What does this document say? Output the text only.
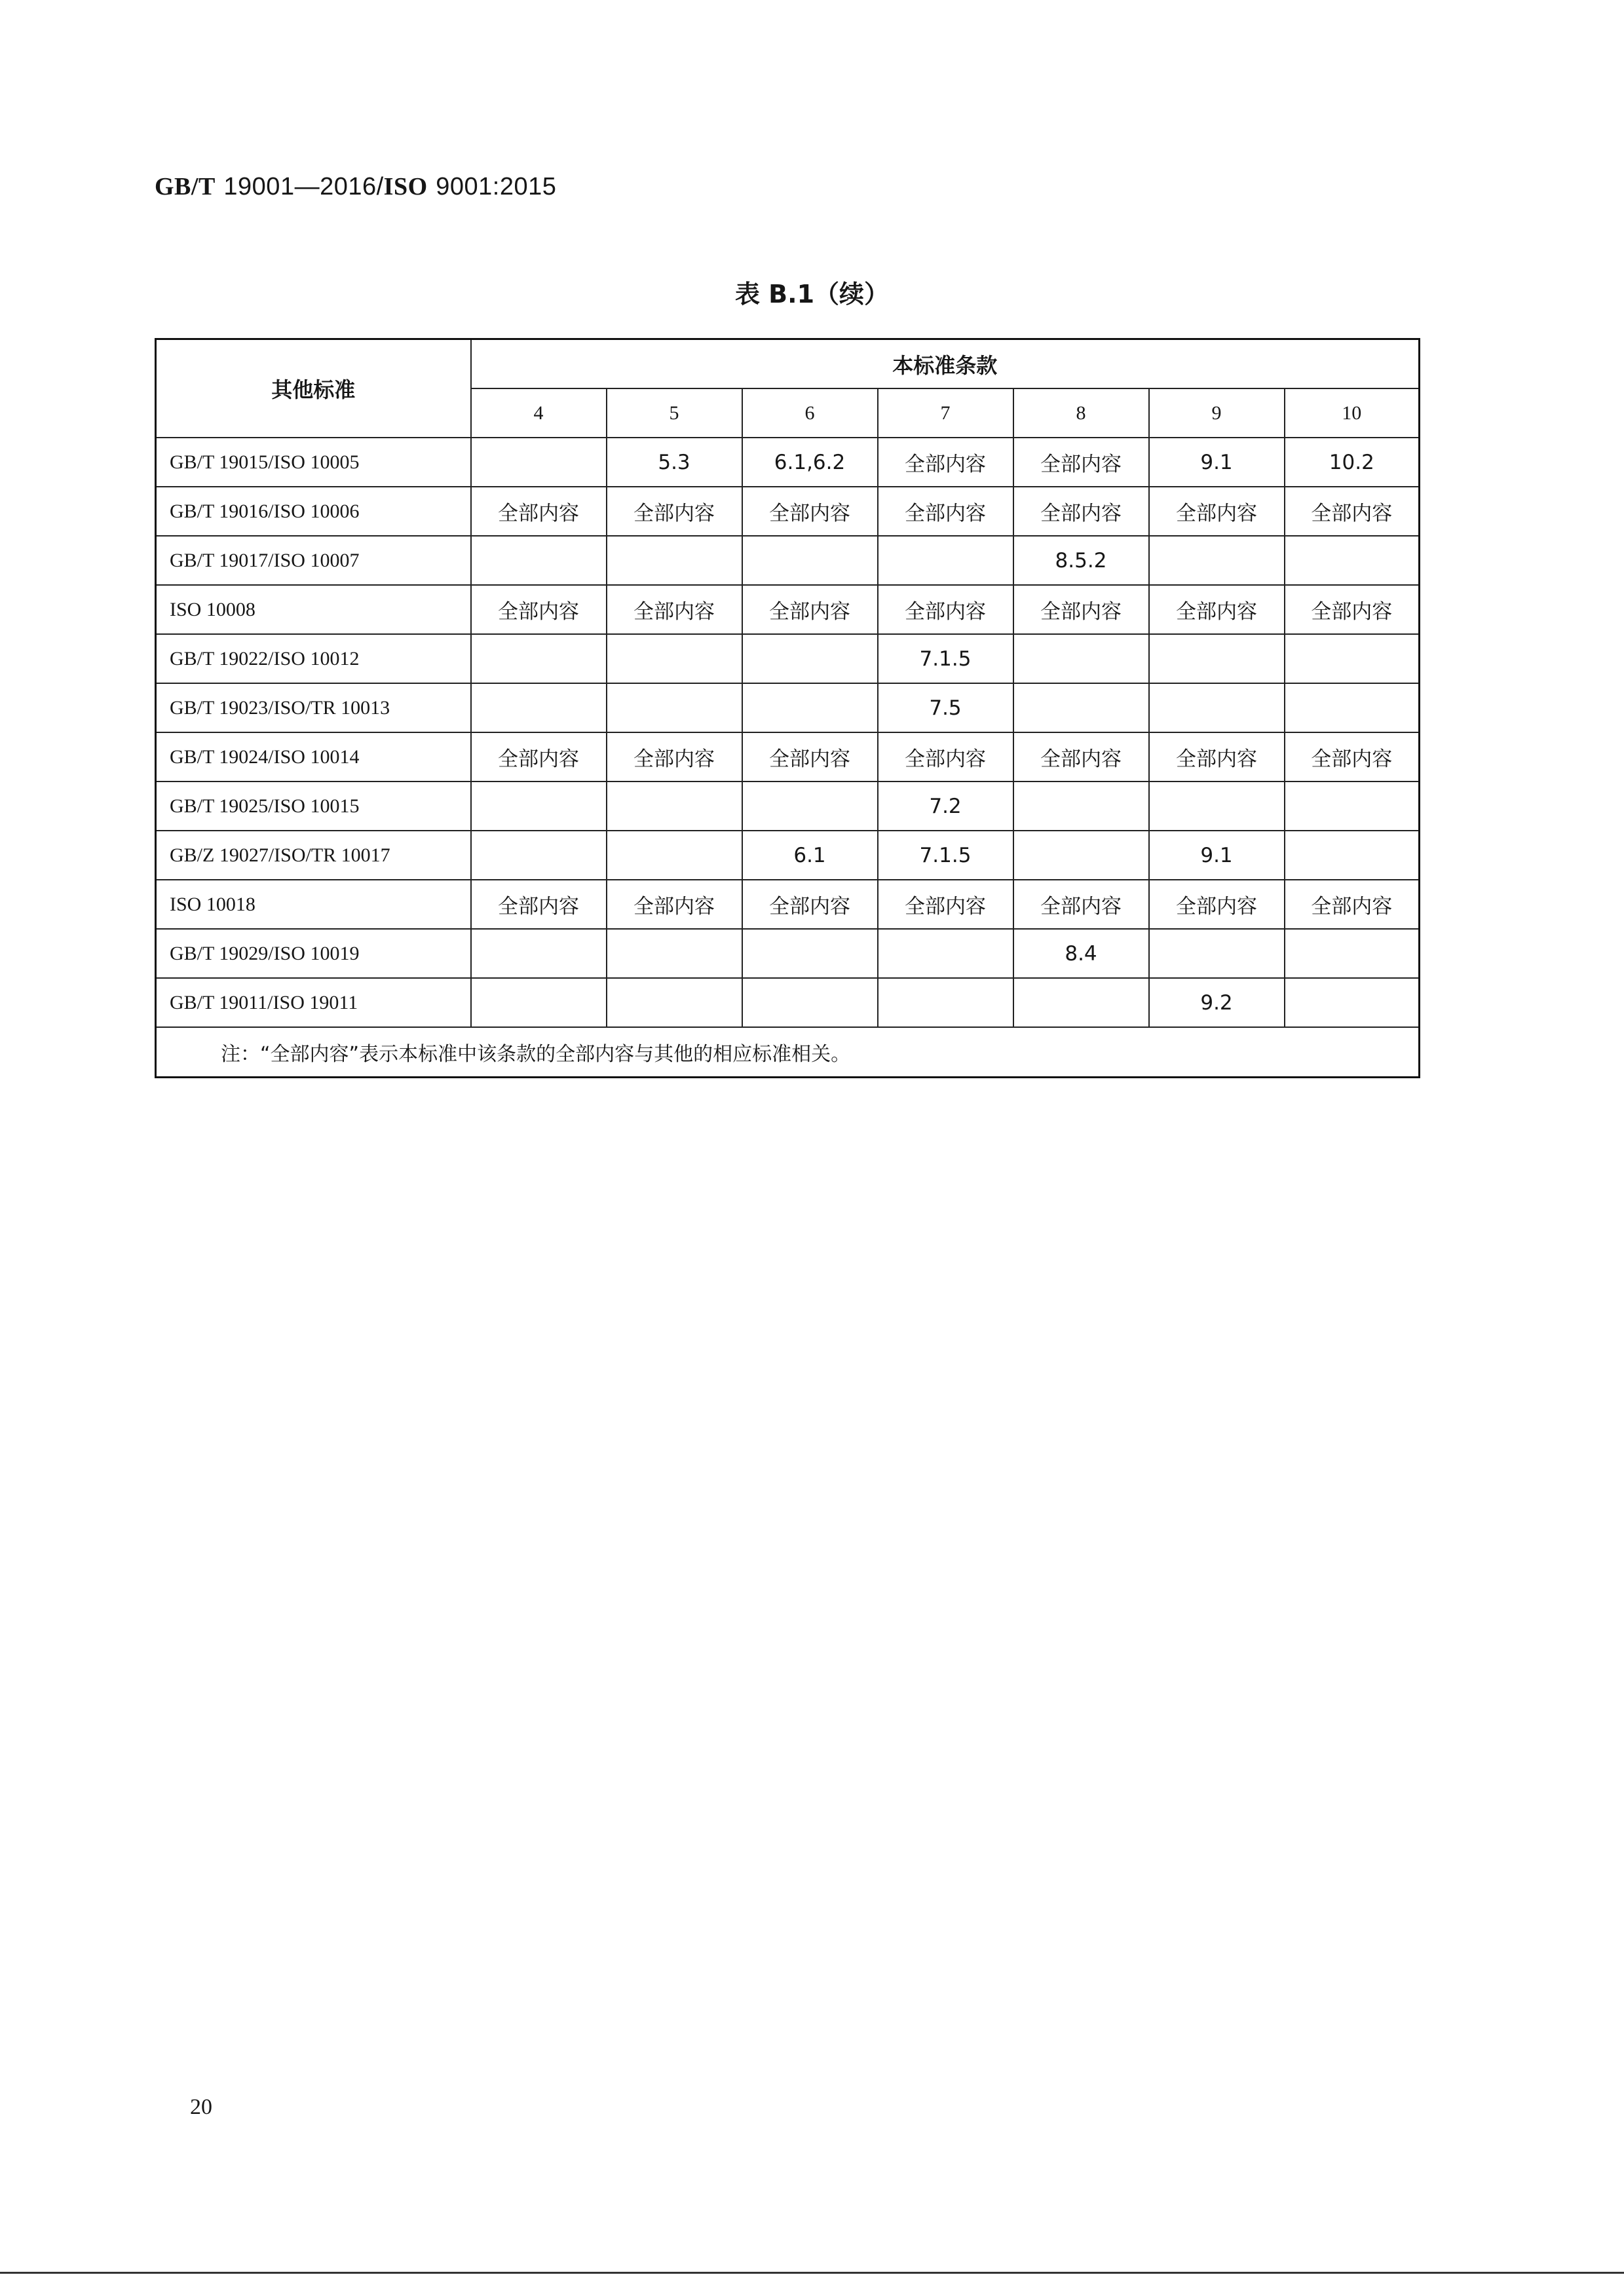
GB/T 19001—2016/ISO 9001:2015
表 B.1（续）
其他标准	本标准条款						
	4	5	6	7	8	9	10
GB/T 19015/ISO 10005		5.3	6.1,6.2	全部内容	全部内容	9.1	10.2
GB/T 19016/ISO 10006	全部内容	全部内容	全部内容	全部内容	全部内容	全部内容	全部内容
GB/T 19017/ISO 10007					8.5.2		
ISO 10008	全部内容	全部内容	全部内容	全部内容	全部内容	全部内容	全部内容
GB/T 19022/ISO 10012				7.1.5			
GB/T 19023/ISO/TR 10013				7.5			
GB/T 19024/ISO 10014	全部内容	全部内容	全部内容	全部内容	全部内容	全部内容	全部内容
GB/T 19025/ISO 10015				7.2			
GB/Z 19027/ISO/TR 10017			6.1	7.1.5		9.1	
ISO 10018	全部内容	全部内容	全部内容	全部内容	全部内容	全部内容	全部内容
GB/T 19029/ISO 10019					8.4		
GB/T 19011/ISO 19011						9.2	
注：“全部内容”表示本标准中该条款的全部内容与其他的相应标准相关。							
20
